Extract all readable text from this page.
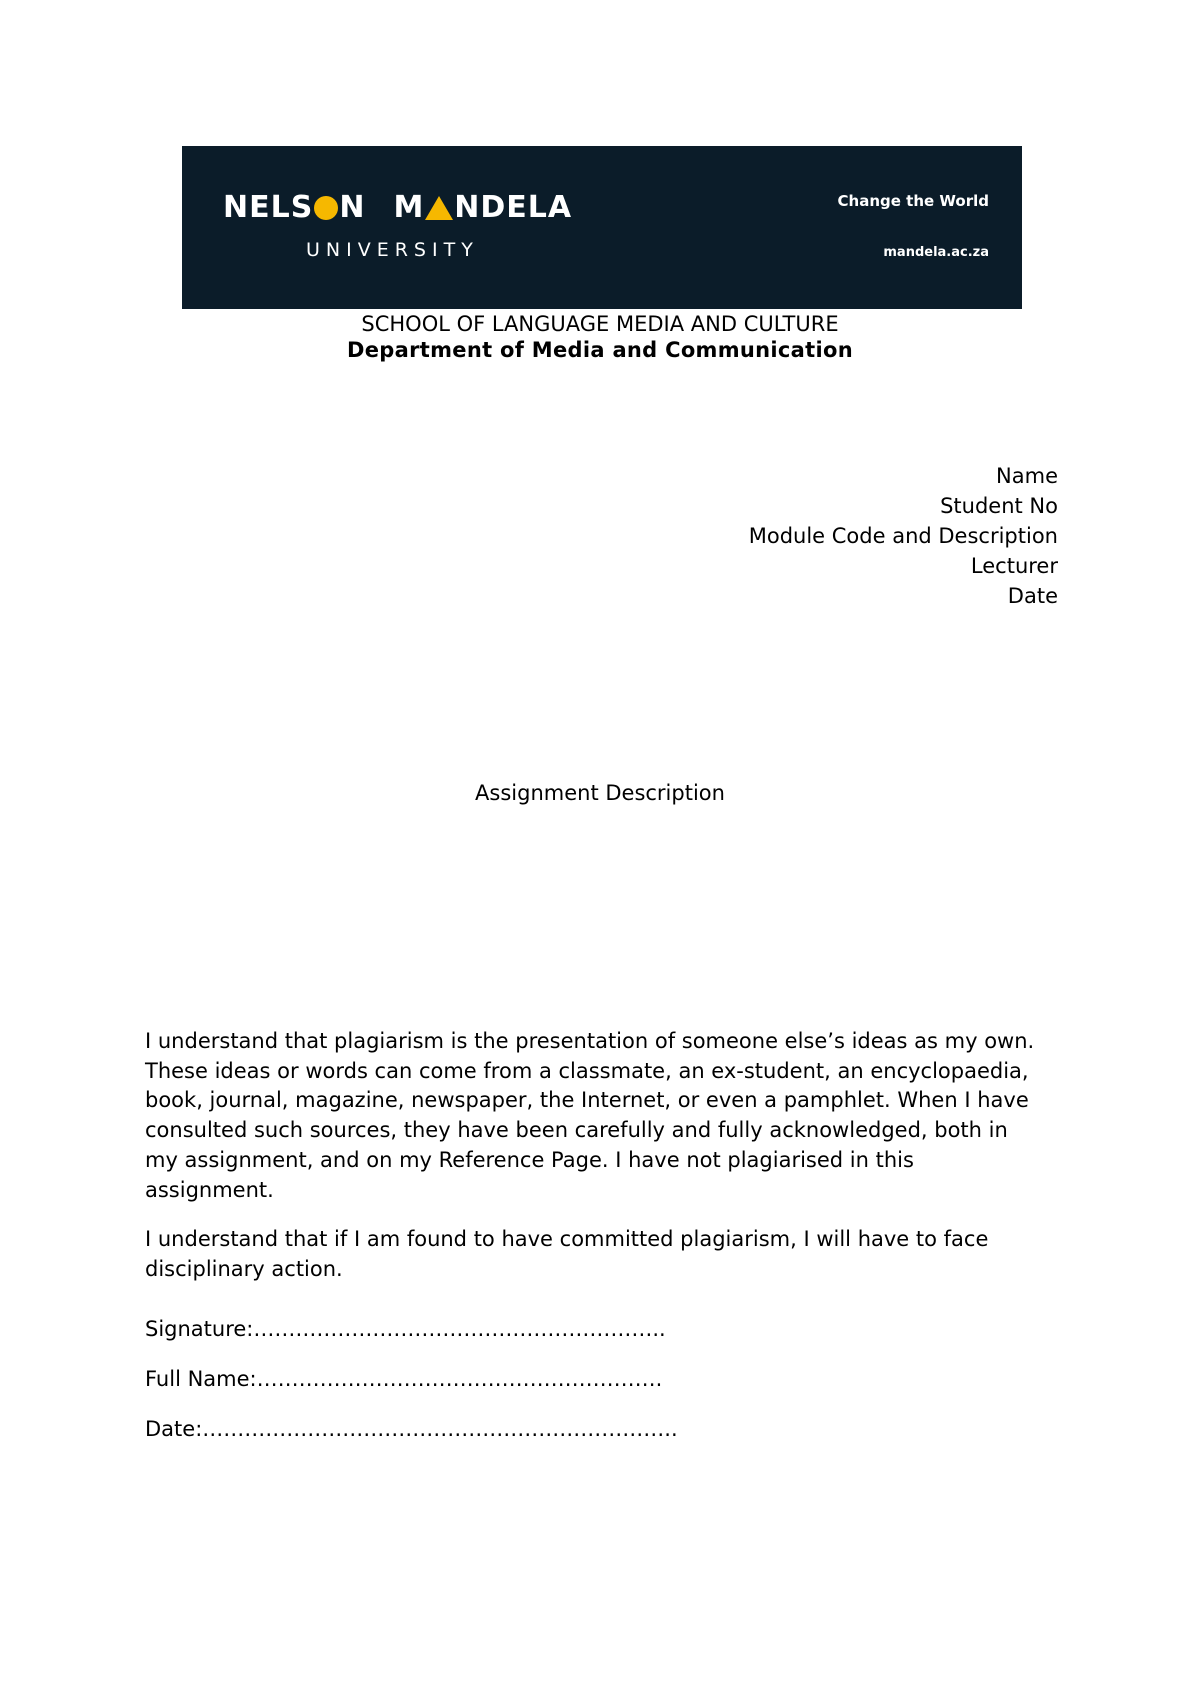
NELS N M NDELA
UNIVERSITY
Change the World
mandela.ac.za
SCHOOL OF LANGUAGE MEDIA AND CULTURE
Department of Media and Communication
Name
Student No
Module Code and Description
Lecturer
Date
Assignment Description

I understand that plagiarism is the presentation of someone else’s ideas as my own. These ideas or words can come from a classmate, an ex-student, an encyclopaedia, book, journal, magazine, newspaper, the Internet, or even a pamphlet. When I have consulted such sources, they have been carefully and fully acknowledged, both in my assignment, and on my Reference Page. I have not plagiarised in this assignment.

I understand that if I am found to have committed plagiarism, I will have to face disciplinary action.

Signature:…………………………………………………..
Full Name:………………………………………………….
Date:…………………………………………………………..
